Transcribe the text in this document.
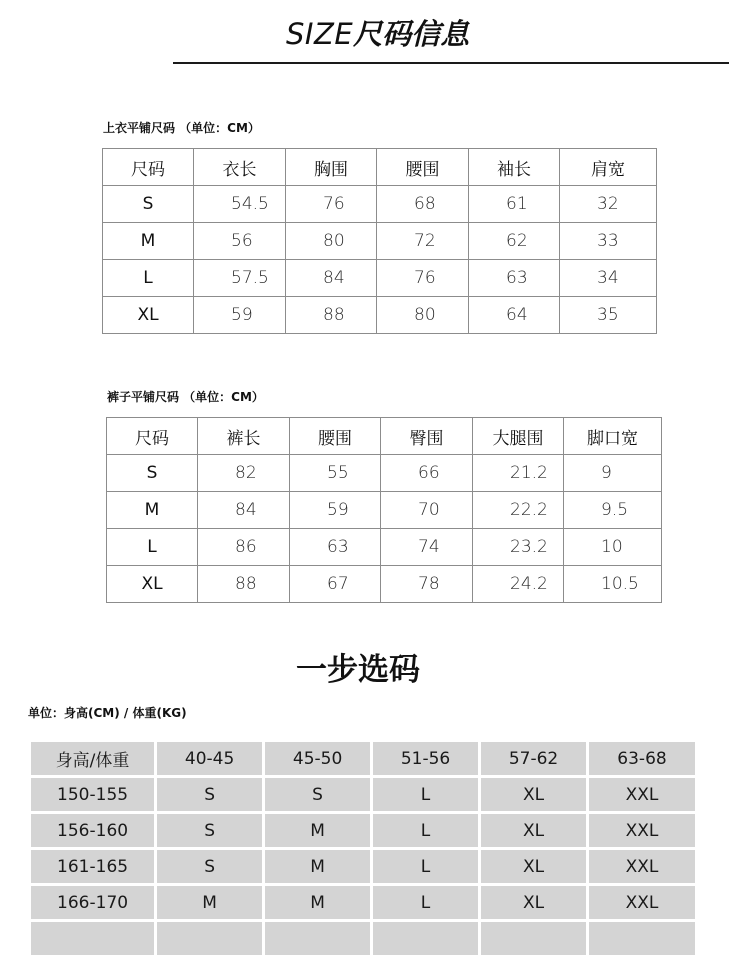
SIZE尺码信息
上衣平铺尺码 （单位：CM）
尺码	衣长	胸围	腰围	袖长	肩宽
S	54.5	76	68	61	32
M	56	80	72	62	33
L	57.5	84	76	63	34
XL	59	88	80	64	35
裤子平铺尺码 （单位：CM）
尺码	裤长	腰围	臀围	大腿围	脚口宽
S	82	55	66	21.2	9
M	84	59	70	22.2	9.5
L	86	63	74	23.2	10
XL	88	67	78	24.2	10.5
一步选码
单位：身高(CM) / 体重(KG)
身高/体重	40-45	45-50	51-56	57-62	63-68
150-155	S	S	L	XL	XXL
156-160	S	M	L	XL	XXL
161-165	S	M	L	XL	XXL
166-170	M	M	L	XL	XXL
